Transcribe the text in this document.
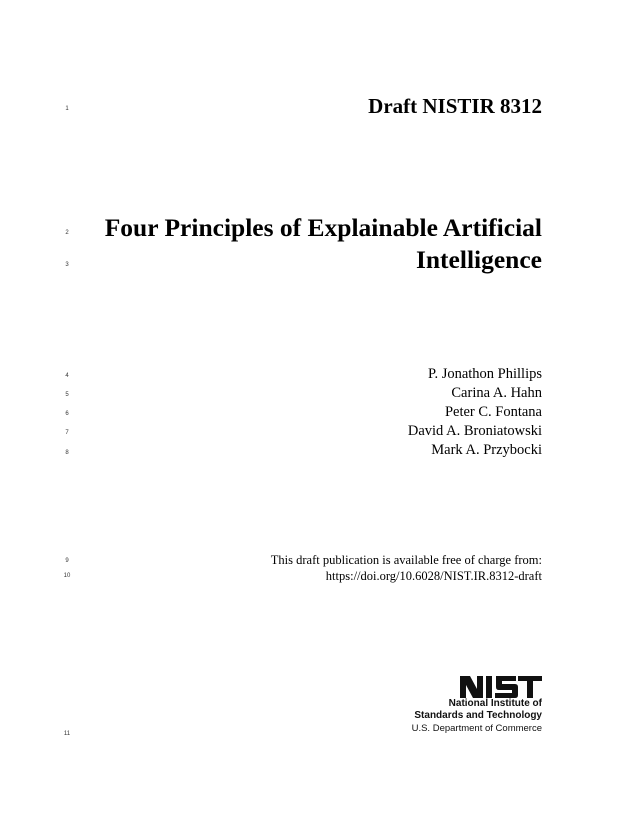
1
2
3
4
5
6
7
8
9
10
11
Draft NISTIR 8312
Four Principles of Explainable Artificial
Intelligence
P. Jonathon Phillips
Carina A. Hahn
Peter C. Fontana
David A. Broniatowski
Mark A. Przybocki
This draft publication is available free of charge from:
https://doi.org/10.6028/NIST.IR.8312-draft
National Institute of
Standards and Technology
U.S. Department of Commerce
